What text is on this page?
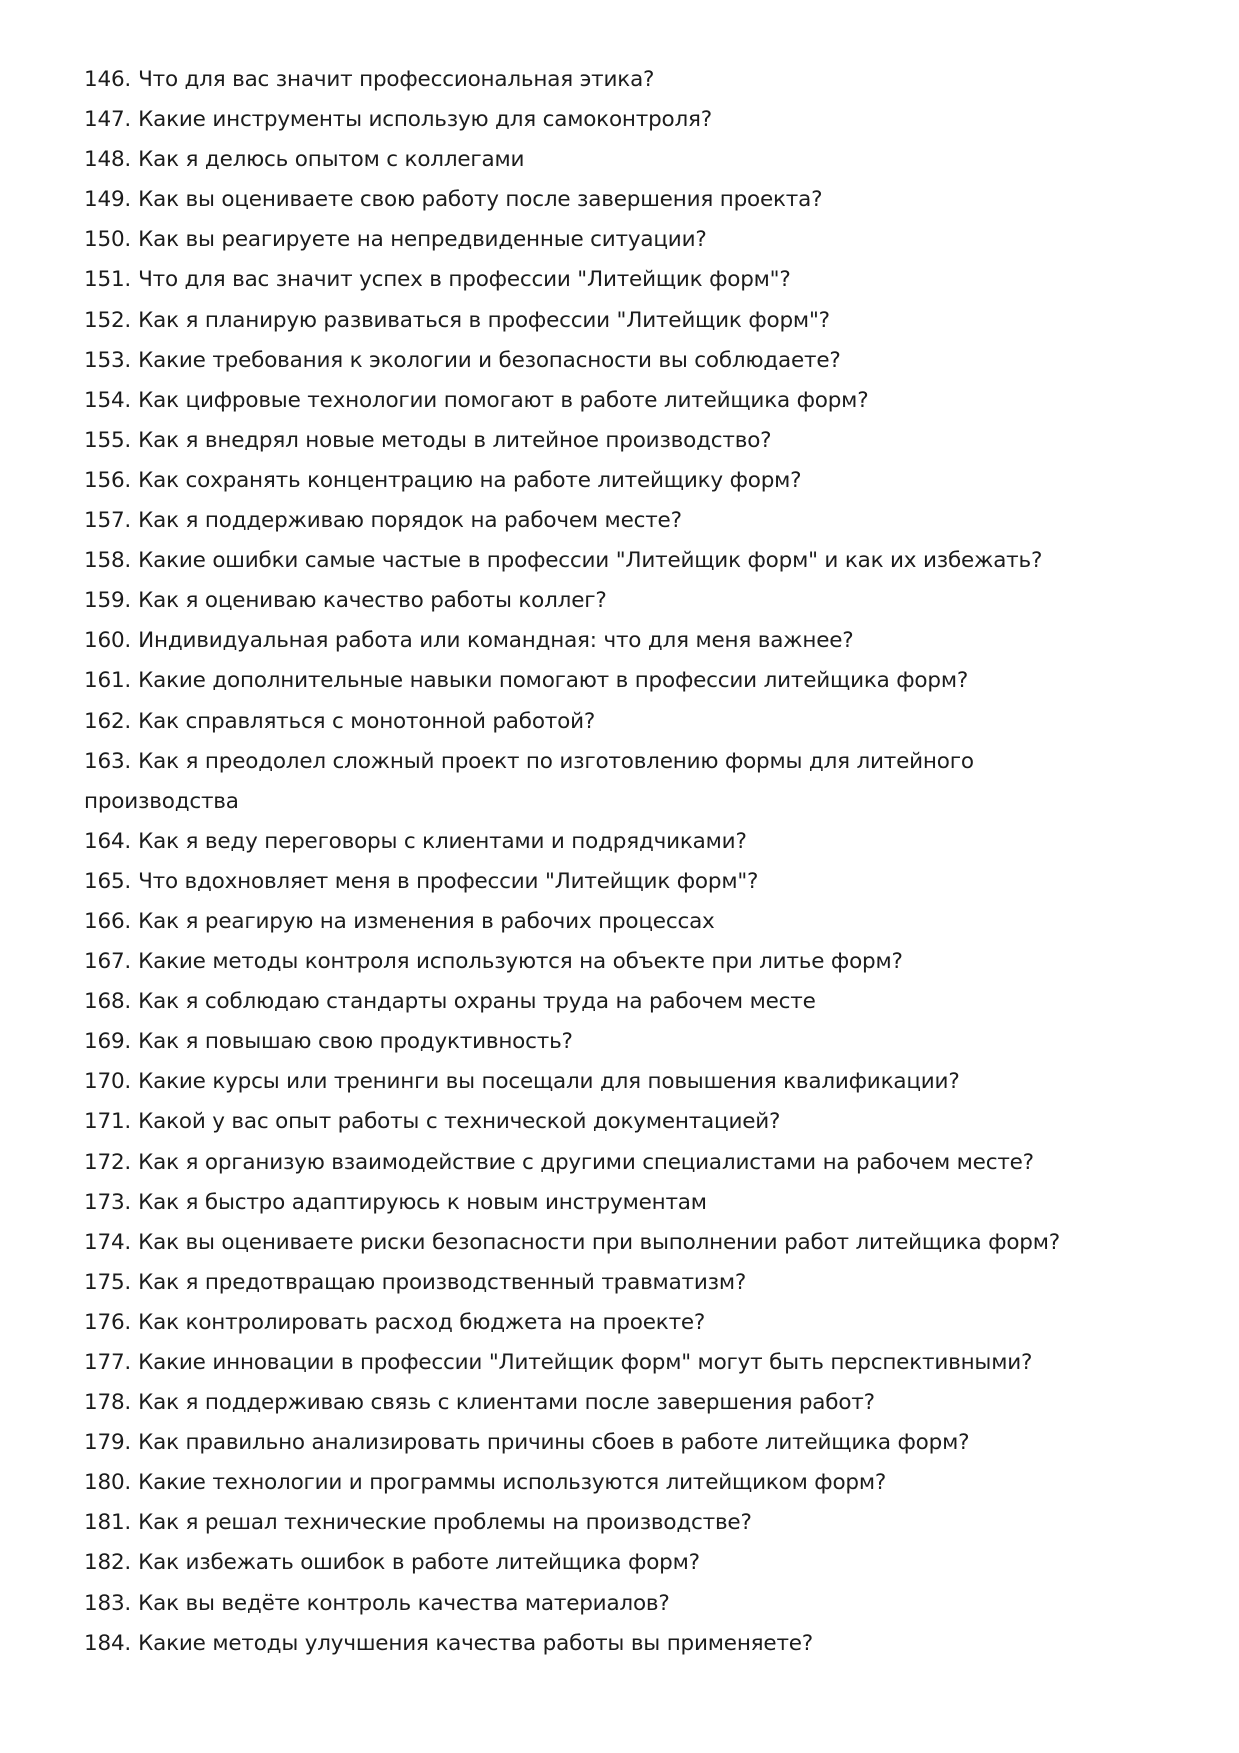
146. Что для вас значит профессиональная этика?
147. Какие инструменты использую для самоконтроля?
148. Как я делюсь опытом с коллегами
149. Как вы оцениваете свою работу после завершения проекта?
150. Как вы реагируете на непредвиденные ситуации?
151. Что для вас значит успех в профессии "Литейщик форм"?
152. Как я планирую развиваться в профессии "Литейщик форм"?
153. Какие требования к экологии и безопасности вы соблюдаете?
154. Как цифровые технологии помогают в работе литейщика форм?
155. Как я внедрял новые методы в литейное производство?
156. Как сохранять концентрацию на работе литейщику форм?
157. Как я поддерживаю порядок на рабочем месте?
158. Какие ошибки самые частые в профессии "Литейщик форм" и как их избежать?
159. Как я оцениваю качество работы коллег?
160. Индивидуальная работа или командная: что для меня важнее?
161. Какие дополнительные навыки помогают в профессии литейщика форм?
162. Как справляться с монотонной работой?
163. Как я преодолел сложный проект по изготовлению формы для литейного
производства
164. Как я веду переговоры с клиентами и подрядчиками?
165. Что вдохновляет меня в профессии "Литейщик форм"?
166. Как я реагирую на изменения в рабочих процессах
167. Какие методы контроля используются на объекте при литье форм?
168. Как я соблюдаю стандарты охраны труда на рабочем месте
169. Как я повышаю свою продуктивность?
170. Какие курсы или тренинги вы посещали для повышения квалификации?
171. Какой у вас опыт работы с технической документацией?
172. Как я организую взаимодействие с другими специалистами на рабочем месте?
173. Как я быстро адаптируюсь к новым инструментам
174. Как вы оцениваете риски безопасности при выполнении работ литейщика форм?
175. Как я предотвращаю производственный травматизм?
176. Как контролировать расход бюджета на проекте?
177. Какие инновации в профессии "Литейщик форм" могут быть перспективными?
178. Как я поддерживаю связь с клиентами после завершения работ?
179. Как правильно анализировать причины сбоев в работе литейщика форм?
180. Какие технологии и программы используются литейщиком форм?
181. Как я решал технические проблемы на производстве?
182. Как избежать ошибок в работе литейщика форм?
183. Как вы ведёте контроль качества материалов?
184. Какие методы улучшения качества работы вы применяете?
